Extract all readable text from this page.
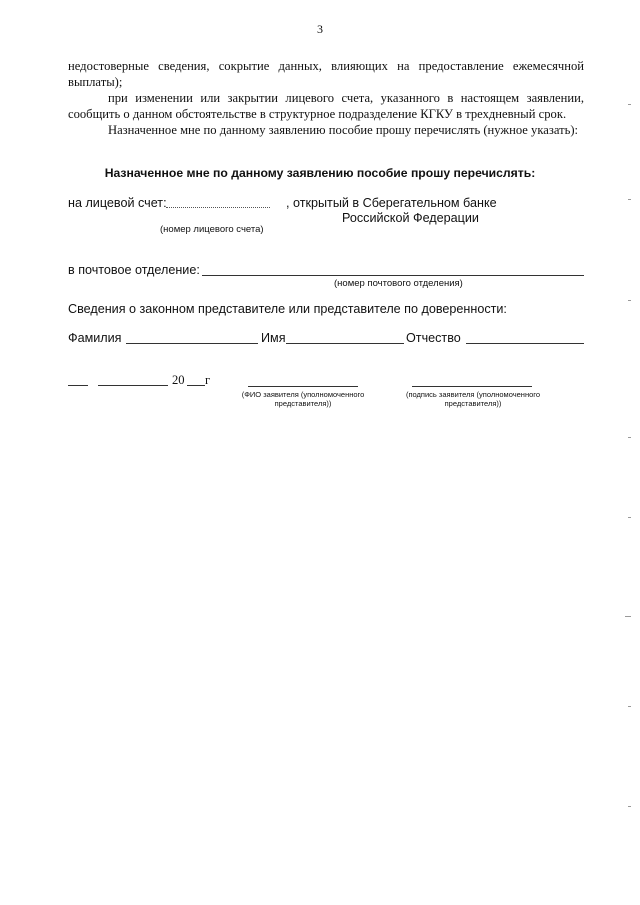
3
недостоверные сведения, сокрытие данных, влияющих на предоставление ежемесячной выплаты);
при изменении или закрытии лицевого счета, указанного в настоящем заявлении, сообщить о данном обстоятельстве в структурное подразделение КГКУ в трехдневный срок.
Назначенное мне по данному заявлению пособие прошу перечислять (нужное указать):
Назначенное мне по данному заявлению пособие прошу перечислять:
на лицевой счет:	, открытый в Сберегательном банке
Российской Федерации
(номер лицевого счета)
в почтовое отделение:
(номер почтового отделения)
Сведения о законном представителе или представителе по доверенности:
Фамилия	Имя	Отчество
20 г
(ФИО заявителя (уполномоченного представителя))
(подпись заявителя (уполномоченного представителя))
